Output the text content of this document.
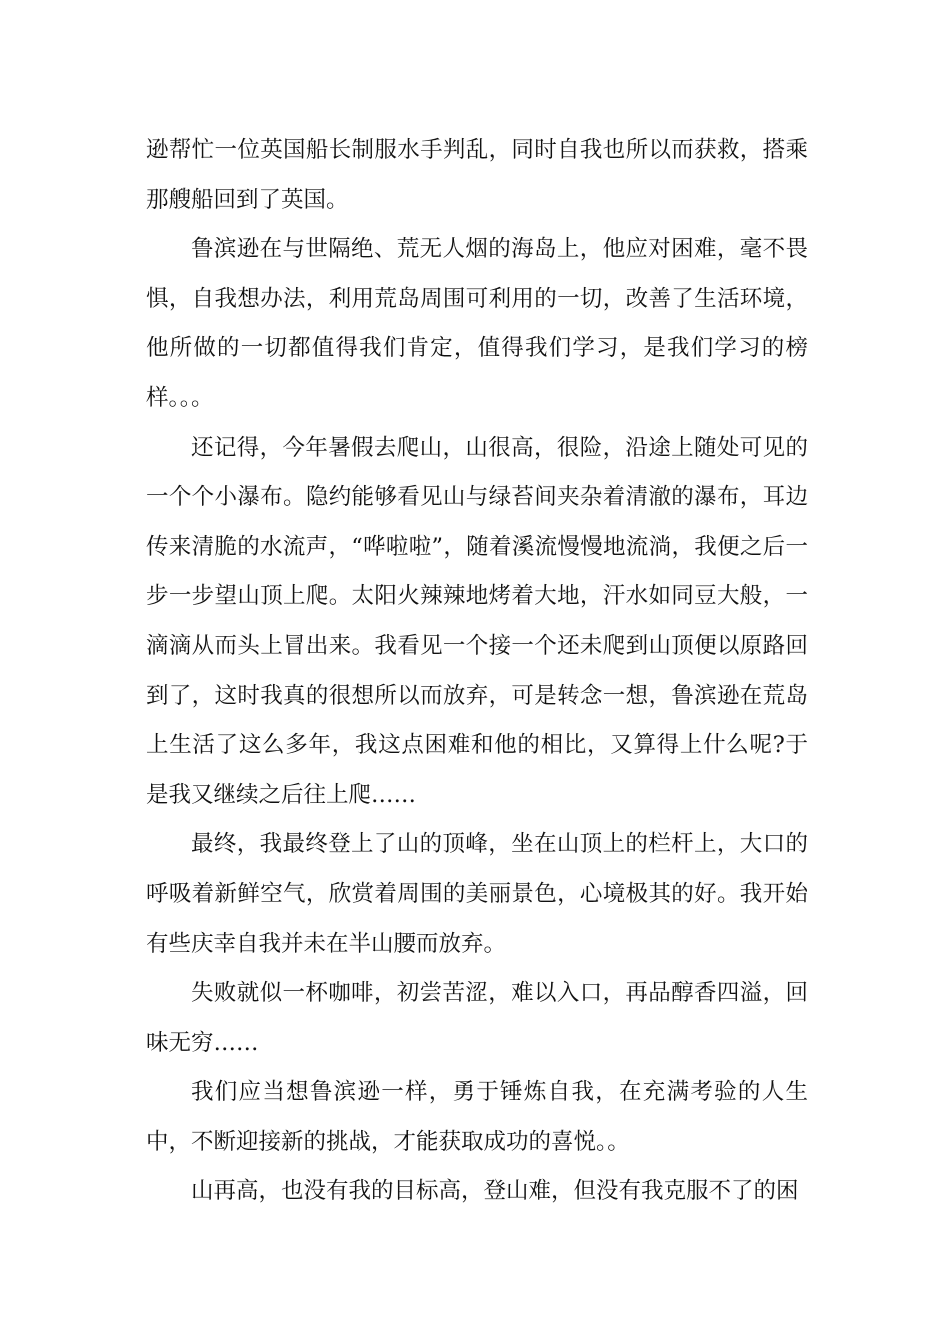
逊帮忙一位英国船长制服水手判乱，同时自我也所以而获救，搭乘那艘船回到了英国。

鲁滨逊在与世隔绝、荒无人烟的海岛上，他应对困难，毫不畏惧，自我想办法，利用荒岛周围可利用的一切，改善了生活环境，他所做的一切都值得我们肯定，值得我们学习，是我们学习的榜样。。。

还记得，今年暑假去爬山，山很高，很险，沿途上随处可见的一个个小瀑布。隐约能够看见山与绿苔间夹杂着清澈的瀑布，耳边传来清脆的水流声，“哗啦啦”，随着溪流慢慢地流淌，我便之后一步一步望山顶上爬。太阳火辣辣地烤着大地，汗水如同豆大般，一滴滴从而头上冒出来。我看见一个接一个还未爬到山顶便以原路回到了，这时我真的很想所以而放弃，可是转念一想，鲁滨逊在荒岛上生活了这么多年，我这点困难和他的相比，又算得上什么呢?于是我又继续之后往上爬……

最终，我最终登上了山的顶峰，坐在山顶上的栏杆上，大口的呼吸着新鲜空气，欣赏着周围的美丽景色，心境极其的好。我开始有些庆幸自我并未在半山腰而放弃。

失败就似一杯咖啡，初尝苦涩，难以入口，再品醇香四溢，回味无穷……

我们应当想鲁滨逊一样，勇于锤炼自我，在充满考验的人生中，不断迎接新的挑战，才能获取成功的喜悦。。

山再高，也没有我的目标高，登山难，但没有我克服不了的困
